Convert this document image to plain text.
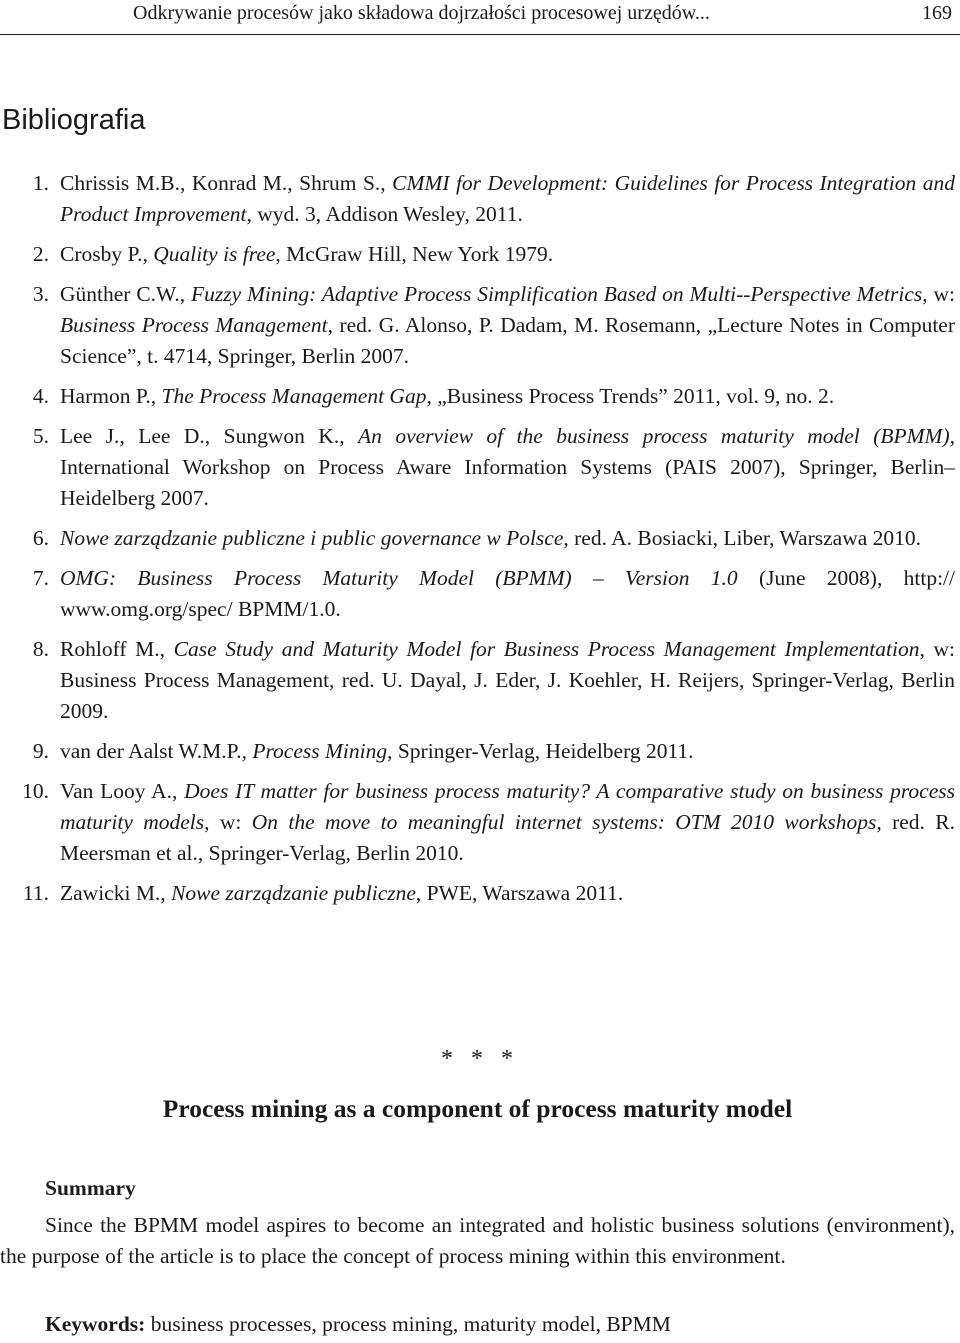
Odkrywanie procesów jako składowa dojrzałości procesowej urzędów...	169
Bibliografia
1. Chrissis M.B., Konrad M., Shrum S., CMMI for Development: Guidelines for Process Integration and Product Improvement, wyd. 3, Addison Wesley, 2011.
2. Crosby P., Quality is free, McGraw Hill, New York 1979.
3. Günther C.W., Fuzzy Mining: Adaptive Process Simplification Based on Multi--Perspective Metrics, w: Business Process Management, red. G. Alonso, P. Dadam, M. Rosemann, „Lecture Notes in Computer Science”, t. 4714, Springer, Berlin 2007.
4. Harmon P., The Process Management Gap, „Business Process Trends” 2011, vol. 9, no. 2.
5. Lee J., Lee D., Sungwon K., An overview of the business process maturity model (BPMM), International Workshop on Process Aware Information Systems (PAIS 2007), Springer, Berlin–Heidelberg 2007.
6. Nowe zarządzanie publiczne i public governance w Polsce, red. A. Bosiacki, Liber, Warszawa 2010.
7. OMG: Business Process Maturity Model (BPMM) – Version 1.0 (June 2008), http:// www.omg.org/spec/ BPMM/1.0.
8. Rohloff M., Case Study and Maturity Model for Business Process Management Implementation, w: Business Process Management, red. U. Dayal, J. Eder, J. Koehler, H. Reijers, Springer-Verlag, Berlin 2009.
9. van der Aalst W.M.P., Process Mining, Springer-Verlag, Heidelberg 2011.
10. Van Looy A., Does IT matter for business process maturity? A comparative study on business process maturity models, w: On the move to meaningful internet systems: OTM 2010 workshops, red. R. Meersman et al., Springer-Verlag, Berlin 2010.
11. Zawicki M., Nowe zarządzanie publiczne, PWE, Warszawa 2011.
* * *
Process mining as a component of process maturity model
Summary

Since the BPMM model aspires to become an integrated and holistic business solutions (environment), the purpose of the article is to place the concept of process mining within this environment.

Keywords: business processes, process mining, maturity model, BPMM
